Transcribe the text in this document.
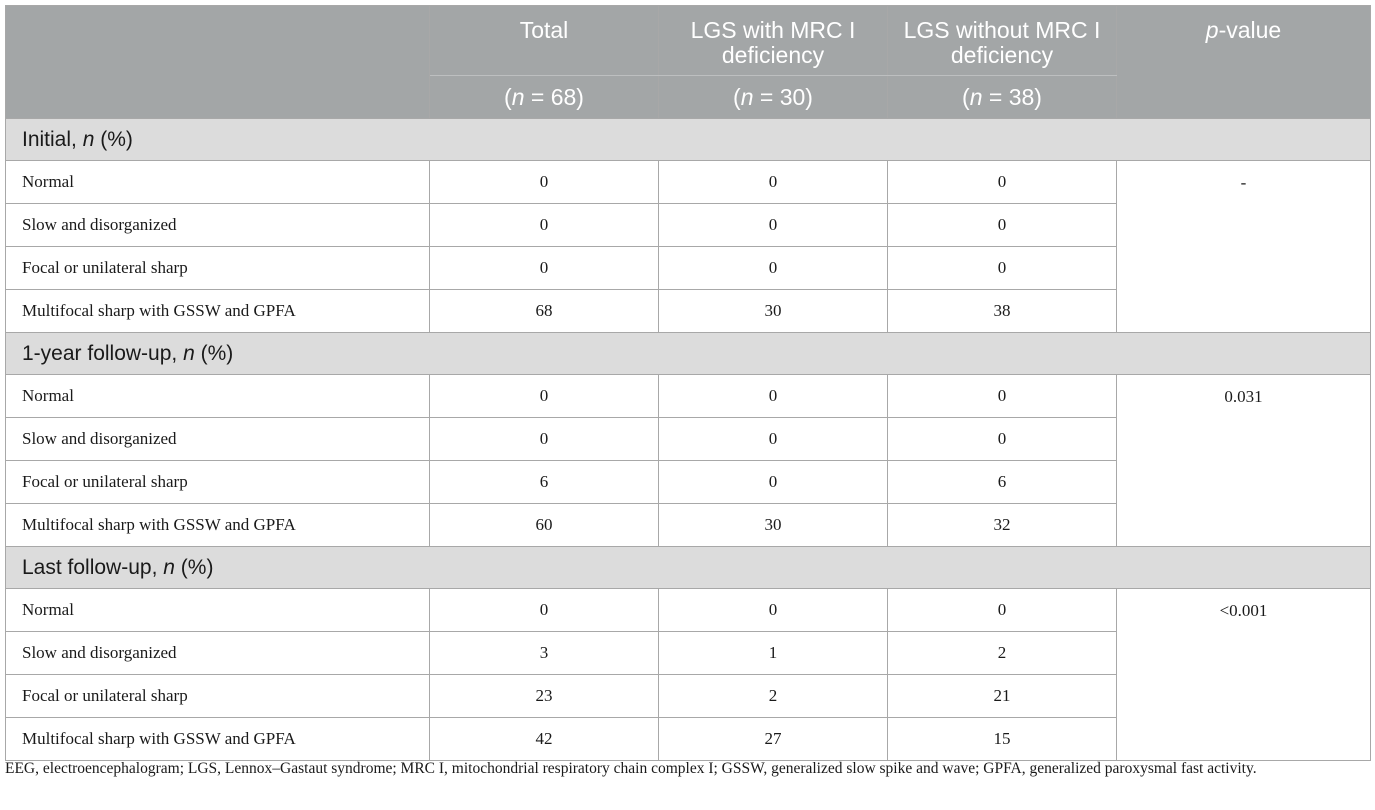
	Total	LGS with MRC I deficiency	LGS without MRC I deficiency	p-value
	(n = 68)	(n = 30)	(n = 38)	
Initial, n (%)				
Normal	0	0	0	-
Slow and disorganized	0	0	0	
Focal or unilateral sharp	0	0	0	
Multifocal sharp with GSSW and GPFA	68	30	38	
1-year follow-up, n (%)				
Normal	0	0	0	0.031
Slow and disorganized	0	0	0	
Focal or unilateral sharp	6	0	6	
Multifocal sharp with GSSW and GPFA	60	30	32	
Last follow-up, n (%)				
Normal	0	0	0	<0.001
Slow and disorganized	3	1	2	
Focal or unilateral sharp	23	2	21	
Multifocal sharp with GSSW and GPFA	42	27	15	
EEG, electroencephalogram; LGS, Lennox–Gastaut syndrome; MRC I, mitochondrial respiratory chain complex I; GSSW, generalized slow spike and wave; GPFA, generalized paroxysmal fast activity.
